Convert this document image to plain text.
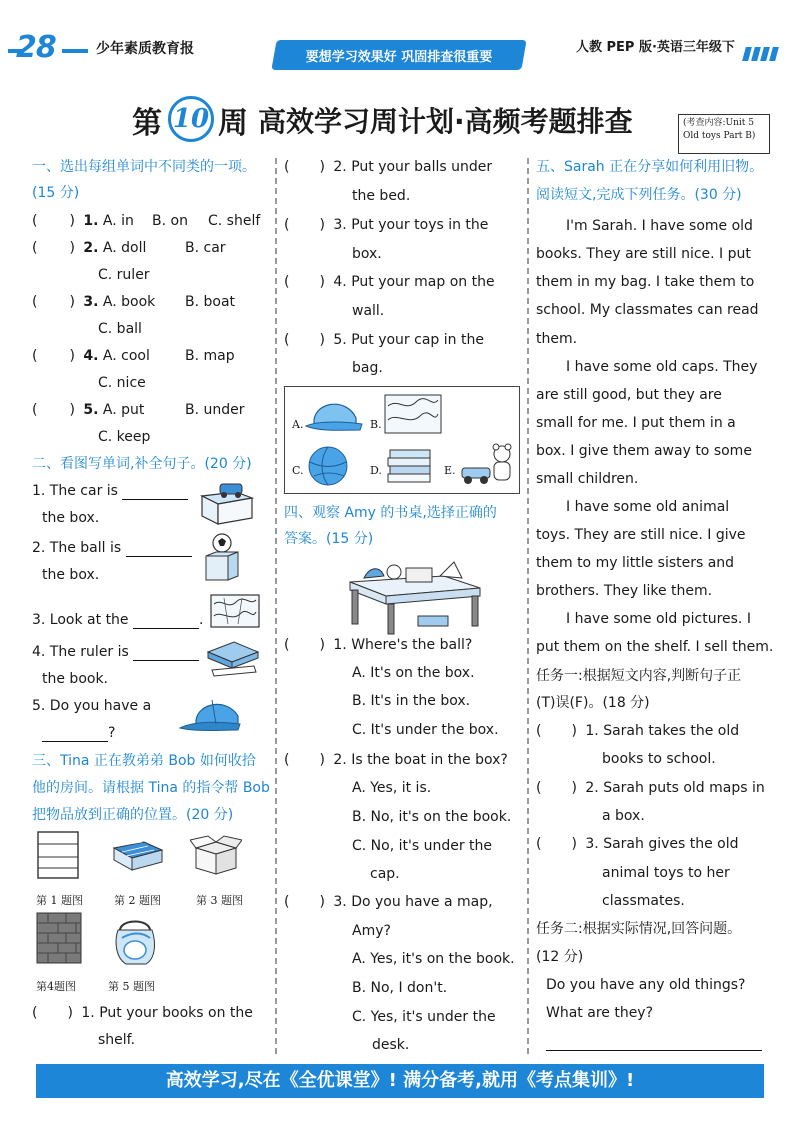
28	少年素质教育报
要想学习效果好 巩固排查很重要
人教 PEP 版·英语三年级下
第 10 周 高效学习周计划·高频考题排查	(考查内容:Unit 5
Old toys Part B)
一、选出每组单词中不同类的一项。
(15 分)
( ) 1. A. in B. on C. shelf
( ) 2. A. doll	B. car
C. ruler
( ) 3. A. book B. boat
C. ball
( ) 4. A. cool	B. map
C. nice
( ) 5. A. put	B. under
C. keep
二、看图写单词,补全句子。(20 分)
1. The car is
the box.
2. The ball is
the box.
3. Look at the	.
4. The ruler is
the book.
5. Do you have a
?
三、Tina 正在教弟弟 Bob 如何收拾
他的房间。请根据 Tina 的指令帮 Bob
把物品放到正确的位置。(20 分)
第 1 题图	第 2 题图	第 3 题图
第4题图	第 5 题图
( ) 1. Put your books on the
shelf.
( ) 2. Put your balls under
the bed.
( ) 3. Put your toys in the
box.
( ) 4. Put your map on the
wall.
( ) 5. Put your cap in the
bag.
A.	B.
C.	D.	E.
四、观察 Amy 的书桌,选择正确的
答案。(15 分)
( ) 1. Where's the ball?
A. It's on the box.
B. It's in the box.
C. It's under the box.
( ) 2. Is the boat in the box?
A. Yes, it is.
B. No, it's on the book.
C. No, it's under the
cap.
( ) 3. Do you have a map,
Amy?
A. Yes, it's on the book.
B. No, I don't.
C. Yes, it's under the
desk.
五、Sarah 正在分享如何利用旧物。
阅读短文,完成下列任务。(30 分)
I'm Sarah. I have some old
books. They are still nice. I put
them in my bag. I take them to
school. My classmates can read
them.
I have some old caps. They
are still good, but they are
small for me. I put them in a
box. I give them away to some
small children.
I have some old animal
toys. They are still nice. I give
them to my little sisters and
brothers. They like them.
I have some old pictures. I
put them on the shelf. I sell them.
任务一:根据短文内容,判断句子正
(T)误(F)。(18 分)
( ) 1. Sarah takes the old
books to school.
( ) 2. Sarah puts old maps in
a box.
( ) 3. Sarah gives the old
animal toys to her
classmates.
任务二:根据实际情况,回答问题。
(12 分)
Do you have any old things?
What are they?
高效学习,尽在《全优课堂》! 满分备考,就用《考点集训》!
